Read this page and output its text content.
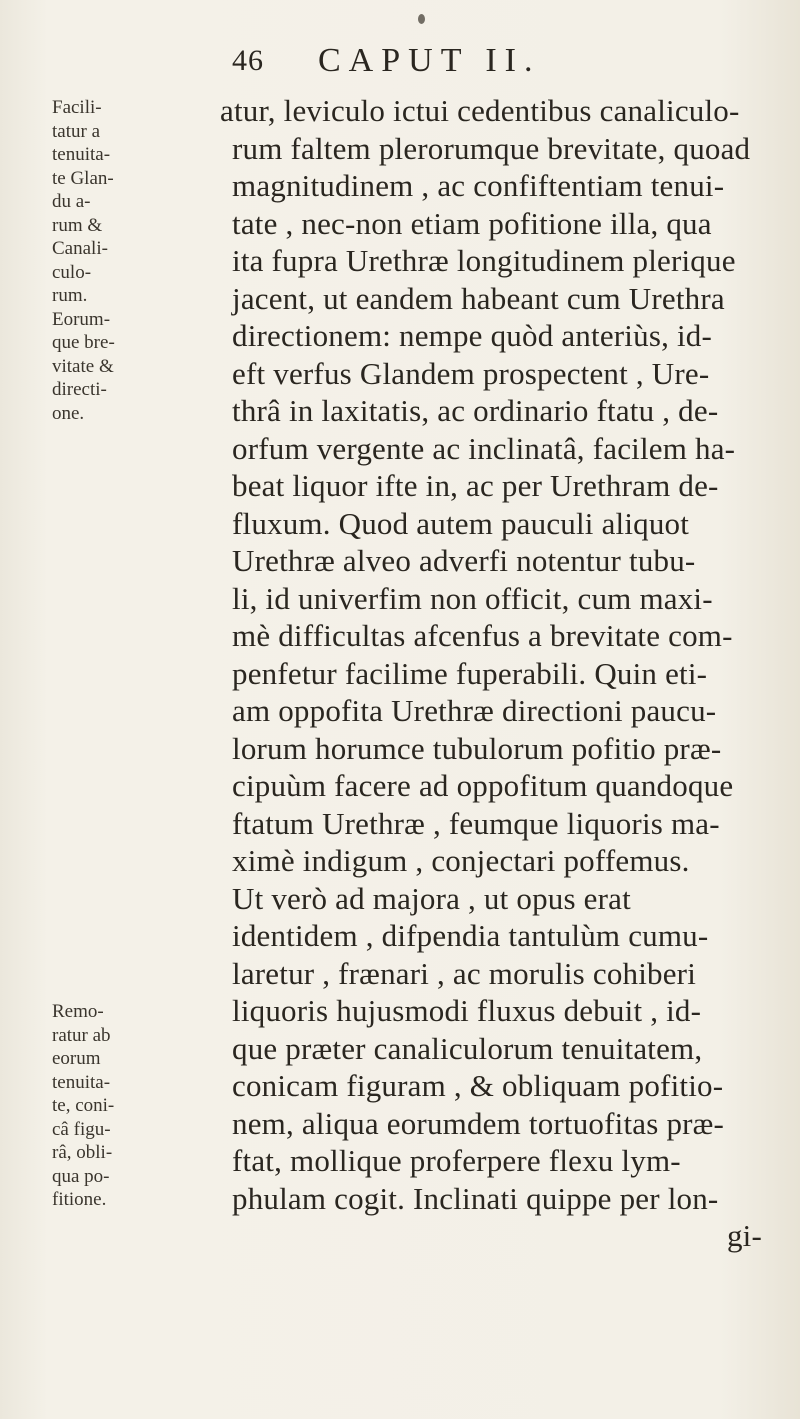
46 CAPUT II.
Facili-
tatur a
tenuita-
te Glan-
du a-
rum &
Canali-
culo-
rum.
Eorum-
que bre-
vitate &
directi-
one.
Remo-
ratur ab
eorum
tenuita-
te, coni-
câ figu-
râ, obli-
qua po-
fitione.
atur, leviculo ictui cedentibus canaliculo-
rum faltem plerorumque brevitate, quoad
magnitudinem , ac confiftentiam tenui-
tate , nec-non etiam pofitione illa, qua
ita fupra Urethræ longitudinem plerique
jacent, ut eandem habeant cum Urethra
directionem: nempe quòd anteriùs, id-
eft verfus Glandem prospectent , Ure-
thrâ in laxitatis, ac ordinario ftatu , de-
orfum vergente ac inclinatâ, facilem ha-
beat liquor ifte in, ac per Urethram de-
fluxum. Quod autem pauculi aliquot
Urethræ alveo adverfi notentur tubu-
li, id univerfim non officit, cum maxi-
mè difficultas afcenfus a brevitate com-
penfetur facilime fuperabili. Quin eti-
am oppofita Urethræ directioni paucu-
lorum horumce tubulorum pofitio præ-
cipuùm facere ad oppofitum quandoque
ftatum Urethræ , feumque liquoris ma-
ximè indigum , conjectari poffemus.
Ut verò ad majora , ut opus erat
identidem , difpendia tantulùm cumu-
laretur , frænari , ac morulis cohiberi
liquoris hujusmodi fluxus debuit , id-
que præter canaliculorum tenuitatem,
conicam figuram , & obliquam pofitio-
nem, aliqua eorumdem tortuofitas præ-
ftat, mollique proferpere flexu lym-
phulam cogit. Inclinati quippe per lon-
gi-
